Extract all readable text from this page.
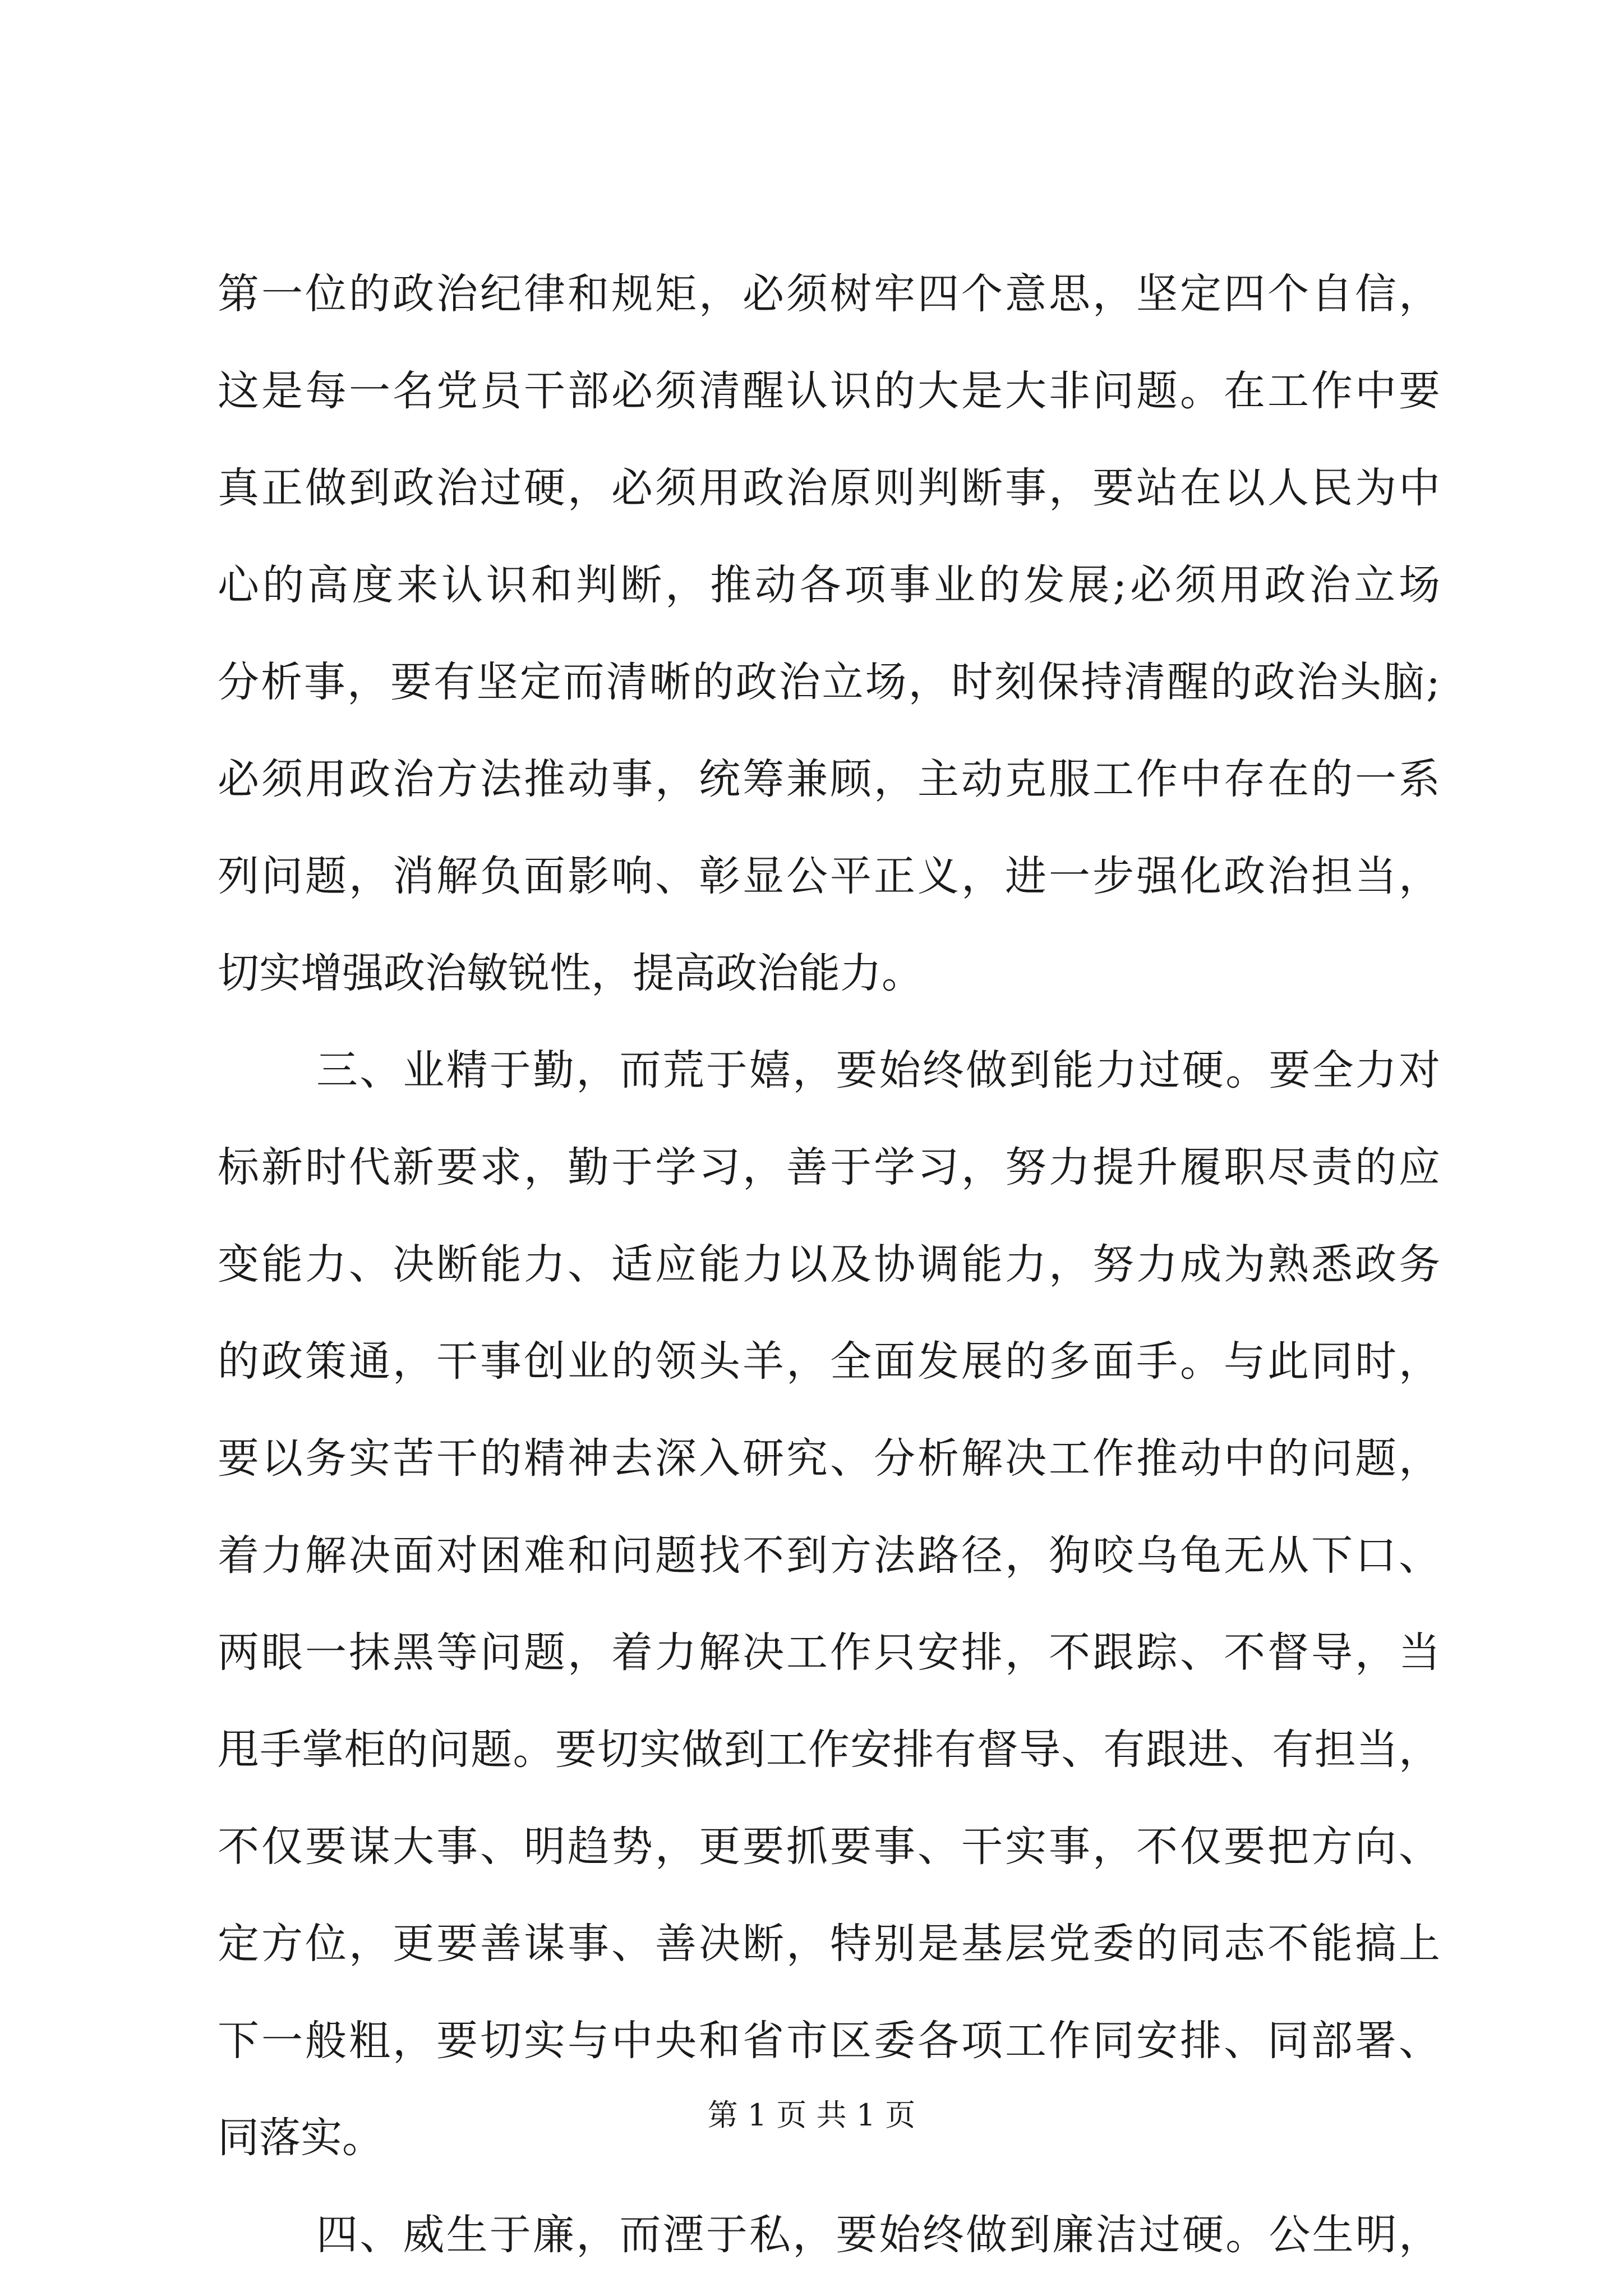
第一位的政治纪律和规矩，必须树牢四个意思，坚定四个自信，
这是每一名党员干部必须清醒认识的大是大非问题。在工作中要
真正做到政治过硬，必须用政治原则判断事，要站在以人民为中
心的高度来认识和判断，推动各项事业的发展;必须用政治立场
分析事，要有坚定而清晰的政治立场，时刻保持清醒的政治头脑;
必须用政治方法推动事，统筹兼顾，主动克服工作中存在的一系
列问题，消解负面影响、彰显公平正义，进一步强化政治担当，
切实增强政治敏锐性，提高政治能力。
三、业精于勤，而荒于嬉，要始终做到能力过硬。要全力对
标新时代新要求，勤于学习，善于学习，努力提升履职尽责的应
变能力、决断能力、适应能力以及协调能力，努力成为熟悉政务
的政策通，干事创业的领头羊，全面发展的多面手。与此同时，
要以务实苦干的精神去深入研究、分析解决工作推动中的问题，
着力解决面对困难和问题找不到方法路径，狗咬乌龟无从下口、
两眼一抹黑等问题，着力解决工作只安排，不跟踪、不督导，当
甩手掌柜的问题。要切实做到工作安排有督导、有跟进、有担当，
不仅要谋大事、明趋势，更要抓要事、干实事，不仅要把方向、
定方位，更要善谋事、善决断，特别是基层党委的同志不能搞上
下一般粗，要切实与中央和省市区委各项工作同安排、同部署、
同落实。
四、威生于廉，而湮于私，要始终做到廉洁过硬。公生明，
第 1 页 共 1 页
